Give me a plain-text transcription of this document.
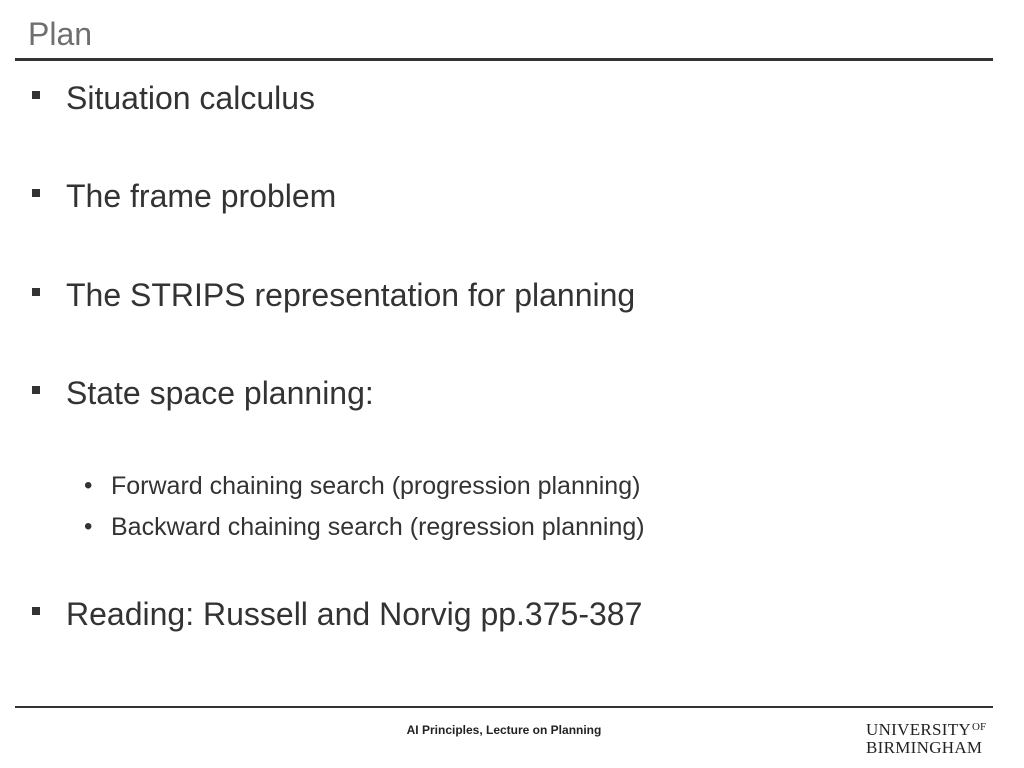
Plan
Situation calculus
The frame problem
The STRIPS representation for planning
State space planning:
• Forward chaining search (progression planning)
• Backward chaining search (regression planning)
Reading: Russell and Norvig pp.375-387
AI Principles, Lecture on Planning	$UNIVERSITY^{OF}$
BIRMINGHAM
